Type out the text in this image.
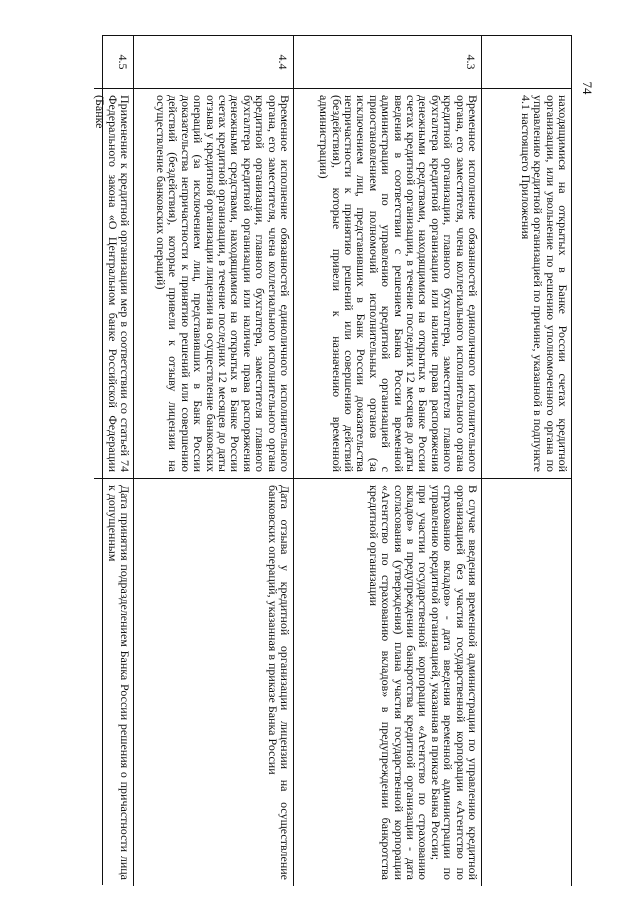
74
находящимися на открытых в Банке России счетах кредитной организации, или увольнение по решению уполномоченного органа по управлению кредитной организацией по причине, указанной в подпункте 4.1 настоящего Приложения
4.3
Временное исполнение обязанностей единоличного исполнительного органа, его заместителя, члена коллегиального исполнительного органа кредитной организации, главного бухгалтера, заместителя главного бухгалтера кредитной организации или наличие права распоряжения денежными средствами, находящимися на открытых в Банке России счетах кредитной организации, в течение последних 12 месяцев до даты введения в соответствии с решением Банка России временной администрации по управлению кредитной организацией с приостановлением полномочий исполнительных органов (за исключением лиц, представивших в Банк России доказательства непричастности к принятию решений или совершению действий (бездействия), которые привели к назначению временной администрации)
В случае введения временной администрации по управлению кредитной организацией без участия государственной корпорации «Агентство по страхованию вкладов» - дата введения временной администрации по управлению кредитной организацией, указанная в приказе Банка России;
при участии государственной корпорации «Агентство по страхованию вкладов» в предупреждении банкротства кредитной организации - дата согласования (утверждения) плана участия государственной корпорации «Агентство по страхованию вкладов» в предупреждении банкротства кредитной организации
4.4
Временное исполнение обязанностей единоличного исполнительного органа, его заместителя, члена коллегиального исполнительного органа кредитной организации, главного бухгалтера, заместителя главного бухгалтера кредитной организации или наличие права распоряжения денежными средствами, находящимися на открытых в Банке России счетах кредитной организации, в течение последних 12 месяцев до даты отзыва у кредитной организации лицензии на осуществление банковских операций (за исключением лиц, представивших в Банк России доказательства непричастности к принятию решений или совершению действий (бездействия), которые привели к отзыву лицензии на осуществление банковских операций)
Дата отзыва у кредитной организации лицензии на осуществление банковских операций, указанная в приказе Банка России
4.5
Применение к кредитной организации мер в соответствии со статьей 74 Федерального закона «О Центральном банке Российской Федерации (Банке
Дата принятия подразделением Банка России решения о причастности лица к допущенным
